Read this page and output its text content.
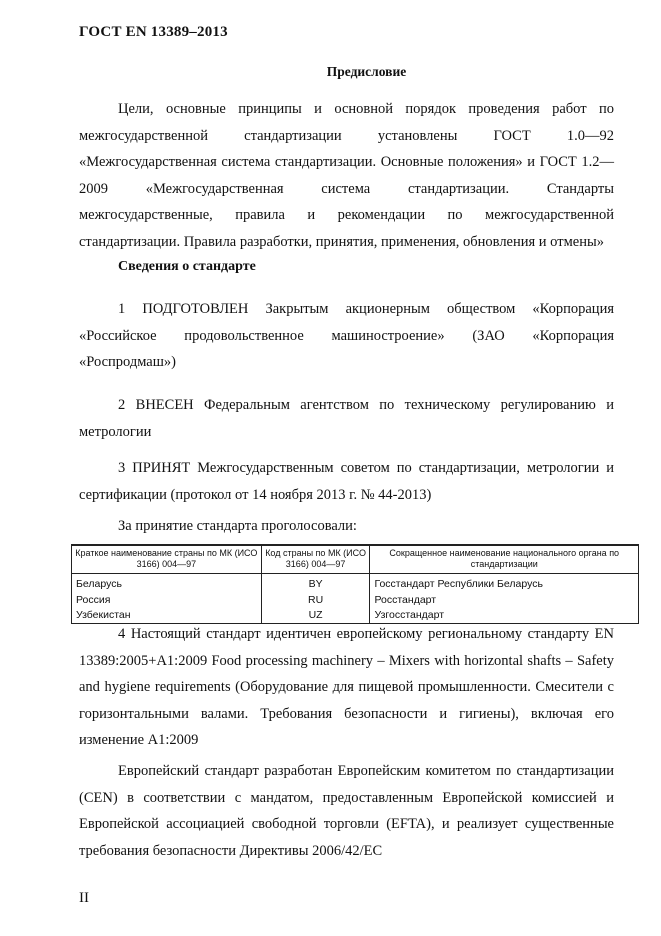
ГОСТ EN 13389–2013
Предисловие
Цели, основные принципы и основной порядок проведения работ по межгосударственной стандартизации установлены ГОСТ 1.0—92 «Межгосударственная система стандартизации. Основные положения» и ГОСТ 1.2—2009 «Межгосударственная система стандартизации. Стандарты межгосударственные, правила и рекомендации по межгосударственной стандартизации. Правила разработки, принятия, применения, обновления и отмены»
Сведения о стандарте
1 ПОДГОТОВЛЕН Закрытым акционерным обществом «Корпорация «Российское продовольственное машиностроение» (ЗАО «Корпорация «Роспродмаш»)
2 ВНЕСЕН Федеральным агентством по техническому регулированию и метрологии
3 ПРИНЯТ Межгосударственным советом по стандартизации, метрологии и сертификации (протокол от 14 ноября 2013 г. № 44-2013)
За принятие стандарта проголосовали:
Краткое наименование страны по МК (ИСО 3166) 004—97	Код страны по МК (ИСО 3166) 004—97	Сокращенное наименование национального органа по стандартизации
Беларусь	BY	Госстандарт Республики Беларусь
Россия	RU	Росстандарт
Узбекистан	UZ	Узгосстандарт
4 Настоящий стандарт идентичен европейскому региональному стандарту EN 13389:2005+A1:2009 Food processing machinery – Mixers with horizontal shafts – Safety and hygiene requirements (Оборудование для пищевой промышленности. Смесители с горизонтальными валами. Требования безопасности и гигиены), включая его изменение А1:2009
Европейский стандарт разработан Европейским комитетом по стандартизации (CEN) в соответствии с мандатом, предоставленным Европейской комиссией и Европейской ассоциацией свободной торговли (EFTA), и реализует существенные требования безопасности Директивы 2006/42/ЕС
II
